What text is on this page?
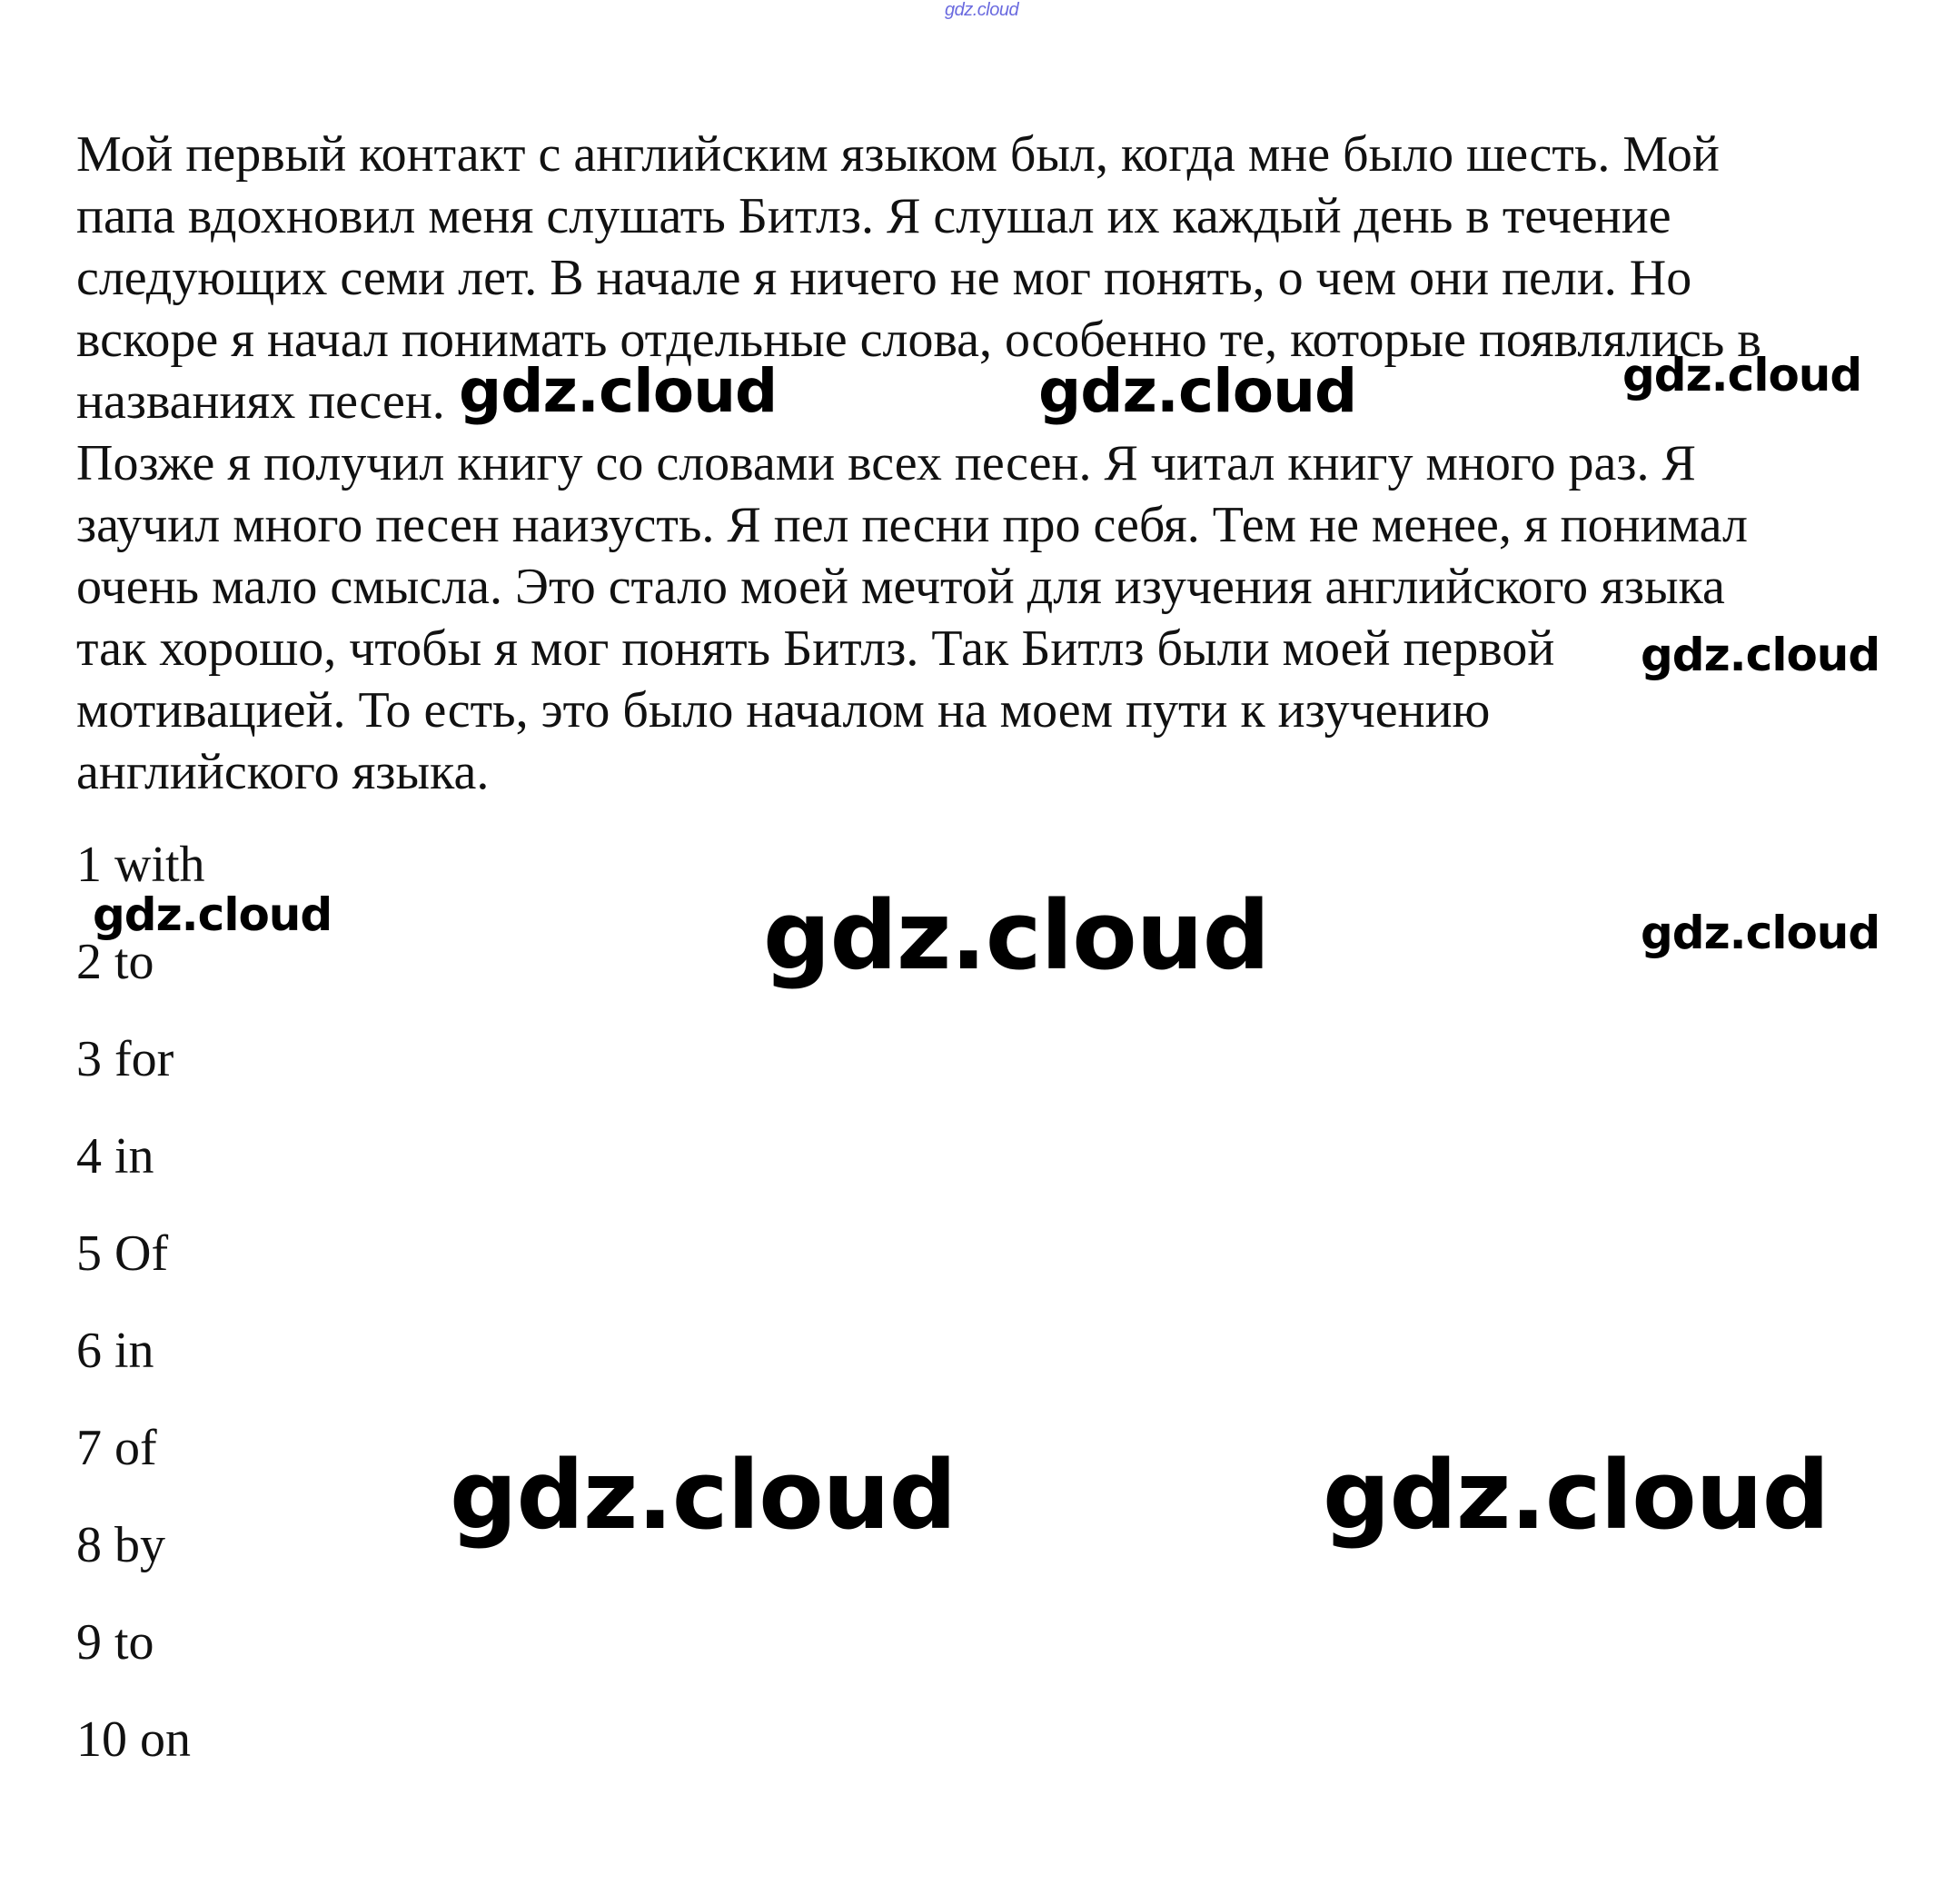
gdz.cloud
Мой первый контакт с английским языком был, когда мне было шесть. Мой
папа вдохновил меня слушать Битлз. Я слушал их каждый день в течение
следующих семи лет. В начале я ничего не мог понять, о чем они пели. Но
вскоре я начал понимать отдельные слова, особенно те, которые появлялись в
названиях песен.
Позже я получил книгу со словами всех песен. Я читал книгу много раз. Я
заучил много песен наизусть. Я пел песни про себя. Тем не менее, я понимал
очень мало смысла. Это стало моей мечтой для изучения английского языка
так хорошо, чтобы я мог понять Битлз. Так Битлз были моей первой
мотивацией. То есть, это было началом на моем пути к изучению
английского языка.
1 with
2 to
3 for
4 in
5 Of
6 in
7 of
8 by
9 to
10 on
gdz.cloud	gdz.cloud	gdz.cloud
gdz.cloud
gdz.cloud	gdz.cloud	gdz.cloud
gdz.cloud	gdz.cloud
